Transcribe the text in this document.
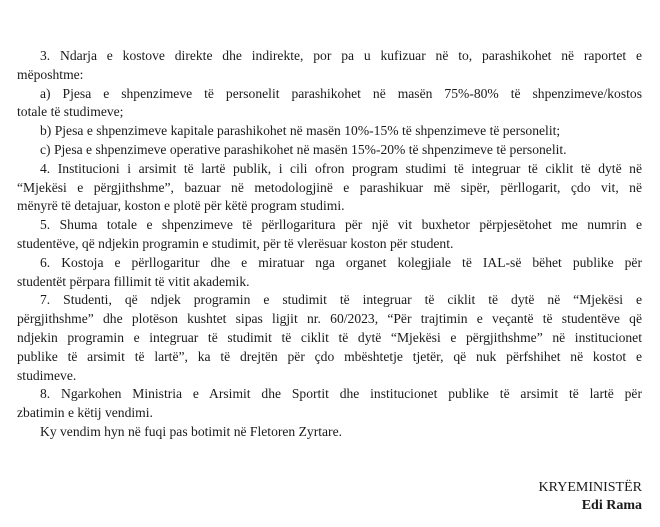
3. Ndarja e kostove direkte dhe indirekte, por pa u kufizuar në to, parashikohet në raportet e
mëposhtme:
a) Pjesa e shpenzimeve të personelit parashikohet në masën 75%-80% të shpenzimeve/kostos
totale të studimeve;
b) Pjesa e shpenzimeve kapitale parashikohet në masën 10%-15% të shpenzimeve të personelit;
c) Pjesa e shpenzimeve operative parashikohet në masën 15%-20% të shpenzimeve të personelit.
4. Institucioni i arsimit të lartë publik, i cili ofron program studimi të integruar të ciklit të dytë në
“Mjekësi e përgjithshme”, bazuar në metodologjinë e parashikuar më sipër, përllogarit, çdo vit, në
mënyrë të detajuar, koston e plotë për këtë program studimi.
5. Shuma totale e shpenzimeve të përllogaritura për një vit buxhetor përpjesëtohet me numrin e
studentëve, që ndjekin programin e studimit, për të vlerësuar koston për student.
6. Kostoja e përllogaritur dhe e miratuar nga organet kolegjiale të IAL-së bëhet publike për
studentët përpara fillimit të vitit akademik.
7. Studenti, që ndjek programin e studimit të integruar të ciklit të dytë në “Mjekësi e
përgjithshme” dhe plotëson kushtet sipas ligjit nr. 60/2023, “Për trajtimin e veçantë të studentëve që
ndjekin programin e integruar të studimit të ciklit të dytë “Mjekësi e përgjithshme” në institucionet
publike të arsimit të lartë”, ka të drejtën për çdo mbështetje tjetër, që nuk përfshihet në kostot e
studimeve.
8. Ngarkohen Ministria e Arsimit dhe Sportit dhe institucionet publike të arsimit të lartë për
zbatimin e këtij vendimi.
Ky vendim hyn në fuqi pas botimit në Fletoren Zyrtare.
KRYEMINISTËR
Edi Rama
